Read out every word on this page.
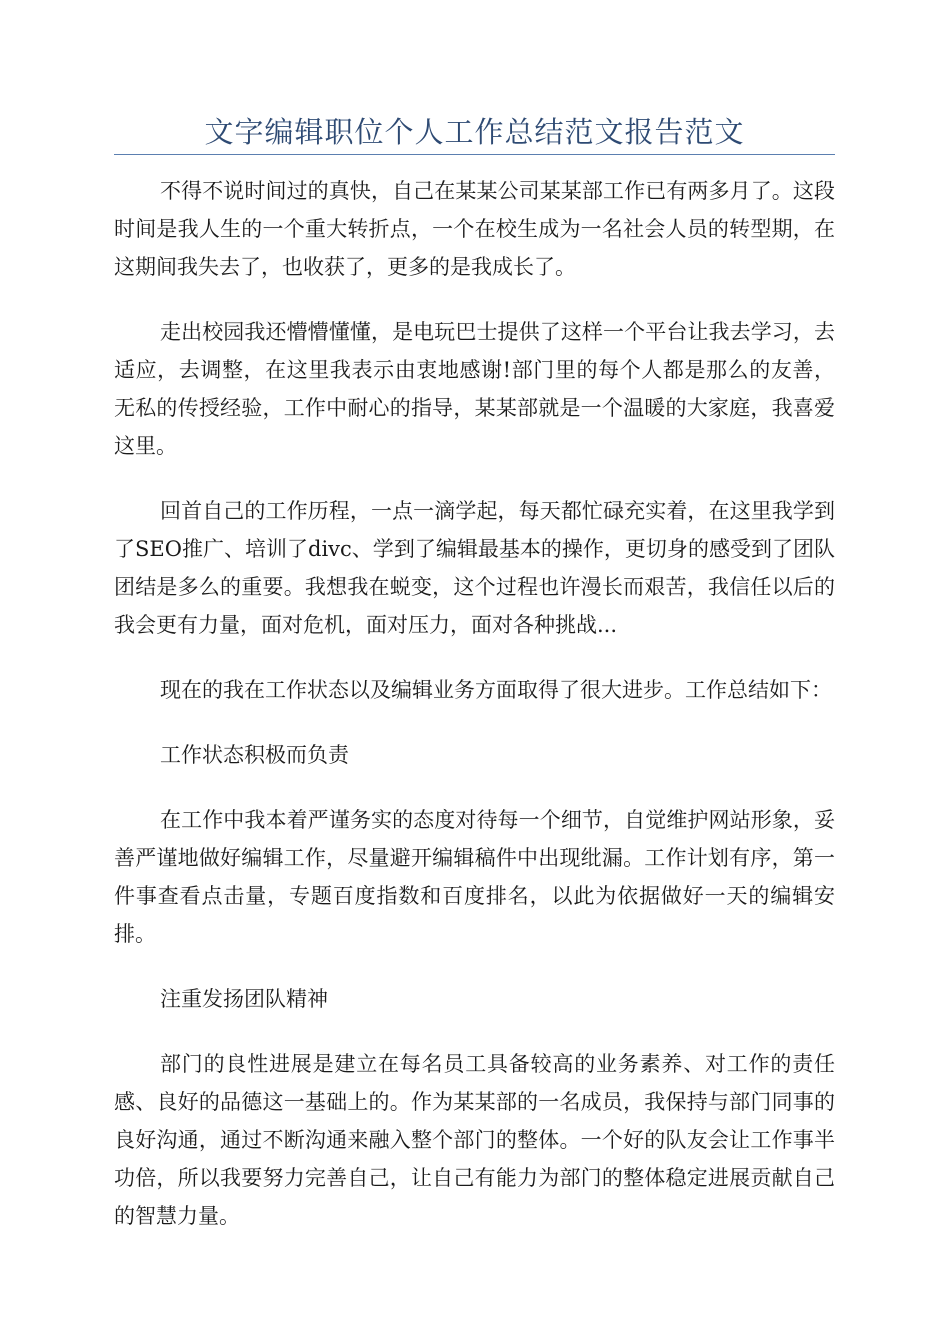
文字编辑职位个人工作总结范文报告范文

不得不说时间过的真快，自己在某某公司某某部工作已有两多月了。这段时间是我人生的一个重大转折点，一个在校生成为一名社会人员的转型期，在这期间我失去了，也收获了，更多的是我成长了。

走出校园我还懵懵懂懂，是电玩巴士提供了这样一个平台让我去学习，去适应，去调整，在这里我表示由衷地感谢!部门里的每个人都是那么的友善，无私的传授经验，工作中耐心的指导，某某部就是一个温暖的大家庭，我喜爱这里。

回首自己的工作历程，一点一滴学起，每天都忙碌充实着，在这里我学到了SEO推广、培训了divc、学到了编辑最基本的操作，更切身的感受到了团队团结是多么的重要。我想我在蜕变，这个过程也许漫长而艰苦，我信任以后的我会更有力量，面对危机，面对压力，面对各种挑战...

现在的我在工作状态以及编辑业务方面取得了很大进步。工作总结如下：

工作状态积极而负责

在工作中我本着严谨务实的态度对待每一个细节，自觉维护网站形象，妥善严谨地做好编辑工作，尽量避开编辑稿件中出现纰漏。工作计划有序，第一件事查看点击量，专题百度指数和百度排名，以此为依据做好一天的编辑安排。

注重发扬团队精神

部门的良性进展是建立在每名员工具备较高的业务素养、对工作的责任感、良好的品德这一基础上的。作为某某部的一名成员，我保持与部门同事的良好沟通，通过不断沟通来融入整个部门的整体。一个好的队友会让工作事半功倍，所以我要努力完善自己，让自己有能力为部门的整体稳定进展贡献自己的智慧力量。
